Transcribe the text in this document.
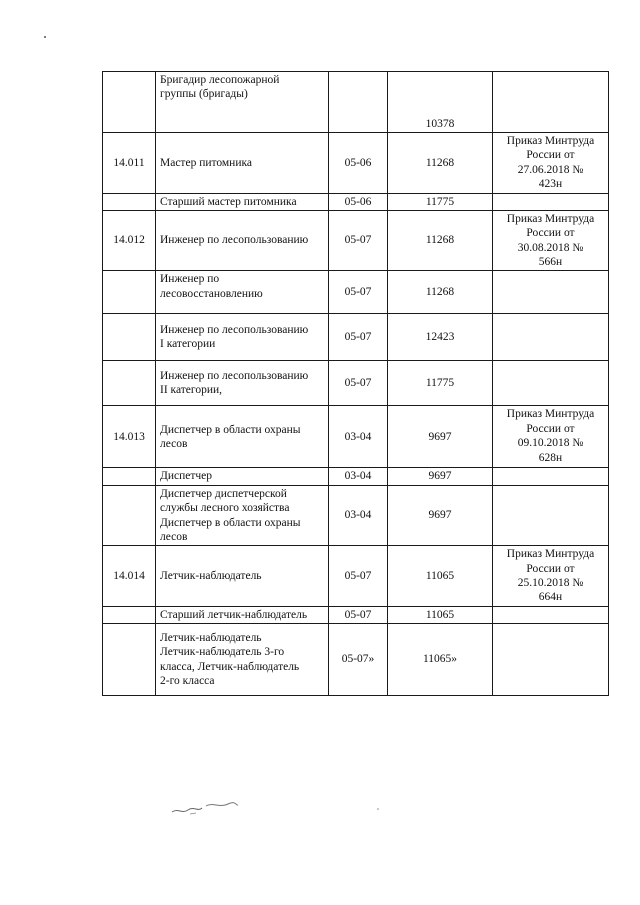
	Бригадир лесопожарной
группы (бригады)		10378	

14.011	Мастер питомника	05-06	11268	Приказ Минтруда
России от
27.06.2018 №
423н

	Старший мастер питомника	05-06	11775	

14.012	Инженер по лесопользованию	05-07	11268	Приказ Минтруда
России от
30.08.2018 №
566н

	Инженер по
лесовосстановлению	05-07	11268	

	Инженер по лесопользованию
I категории	05-07	12423	

	Инженер по лесопользованию
II категории,	05-07	11775	

14.013	Диспетчер в области охраны
лесов	03-04	9697	Приказ Минтруда
России от
09.10.2018 №
628н

	Диспетчер	03-04	9697	

	Диспетчер диспетчерской
службы лесного хозяйства
Диспетчер в области охраны
лесов	03-04	9697	

14.014	Летчик-наблюдатель	05-07	11065	Приказ Минтруда
России от
25.10.2018 №
664н

	Старший летчик-наблюдатель	05-07	11065	

	Летчик-наблюдатель
Летчик-наблюдатель 3-го
класса, Летчик-наблюдатель
2-го класса	05-07»	11065»	
